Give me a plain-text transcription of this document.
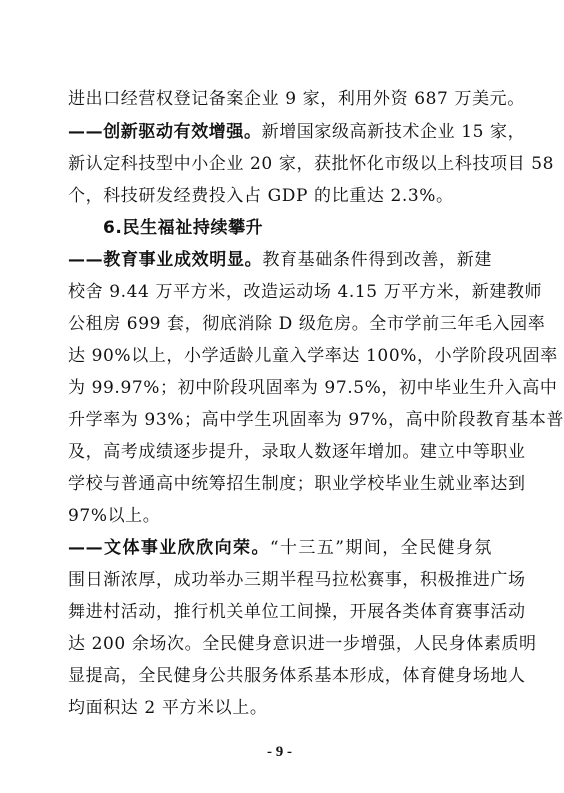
进出口经营权登记备案企业 9 家，利用外资 687 万美元。
——创新驱动有效增强。新增国家级高新技术企业 15 家，
新认定科技型中小企业 20 家，获批怀化市级以上科技项目 58
个，科技研发经费投入占 GDP 的比重达 2.3%。
6.民生福祉持续攀升
——教育事业成效明显。教育基础条件得到改善，新建
校舍 9.44 万平方米，改造运动场 4.15 万平方米，新建教师
公租房 699 套，彻底消除 D 级危房。全市学前三年毛入园率
达 90%以上，小学适龄儿童入学率达 100%，小学阶段巩固率
为 99.97%；初中阶段巩固率为 97.5%，初中毕业生升入高中
升学率为 93%；高中学生巩固率为 97%，高中阶段教育基本普
及，高考成绩逐步提升，录取人数逐年增加。建立中等职业
学校与普通高中统筹招生制度；职业学校毕业生就业率达到
97%以上。
——文体事业欣欣向荣。“十三五”期间，全民健身氛
围日渐浓厚，成功举办三期半程马拉松赛事，积极推进广场
舞进村活动，推行机关单位工间操，开展各类体育赛事活动
达 200 余场次。全民健身意识进一步增强，人民身体素质明
显提高，全民健身公共服务体系基本形成，体育健身场地人
均面积达 2 平方米以上。
- 9 -
